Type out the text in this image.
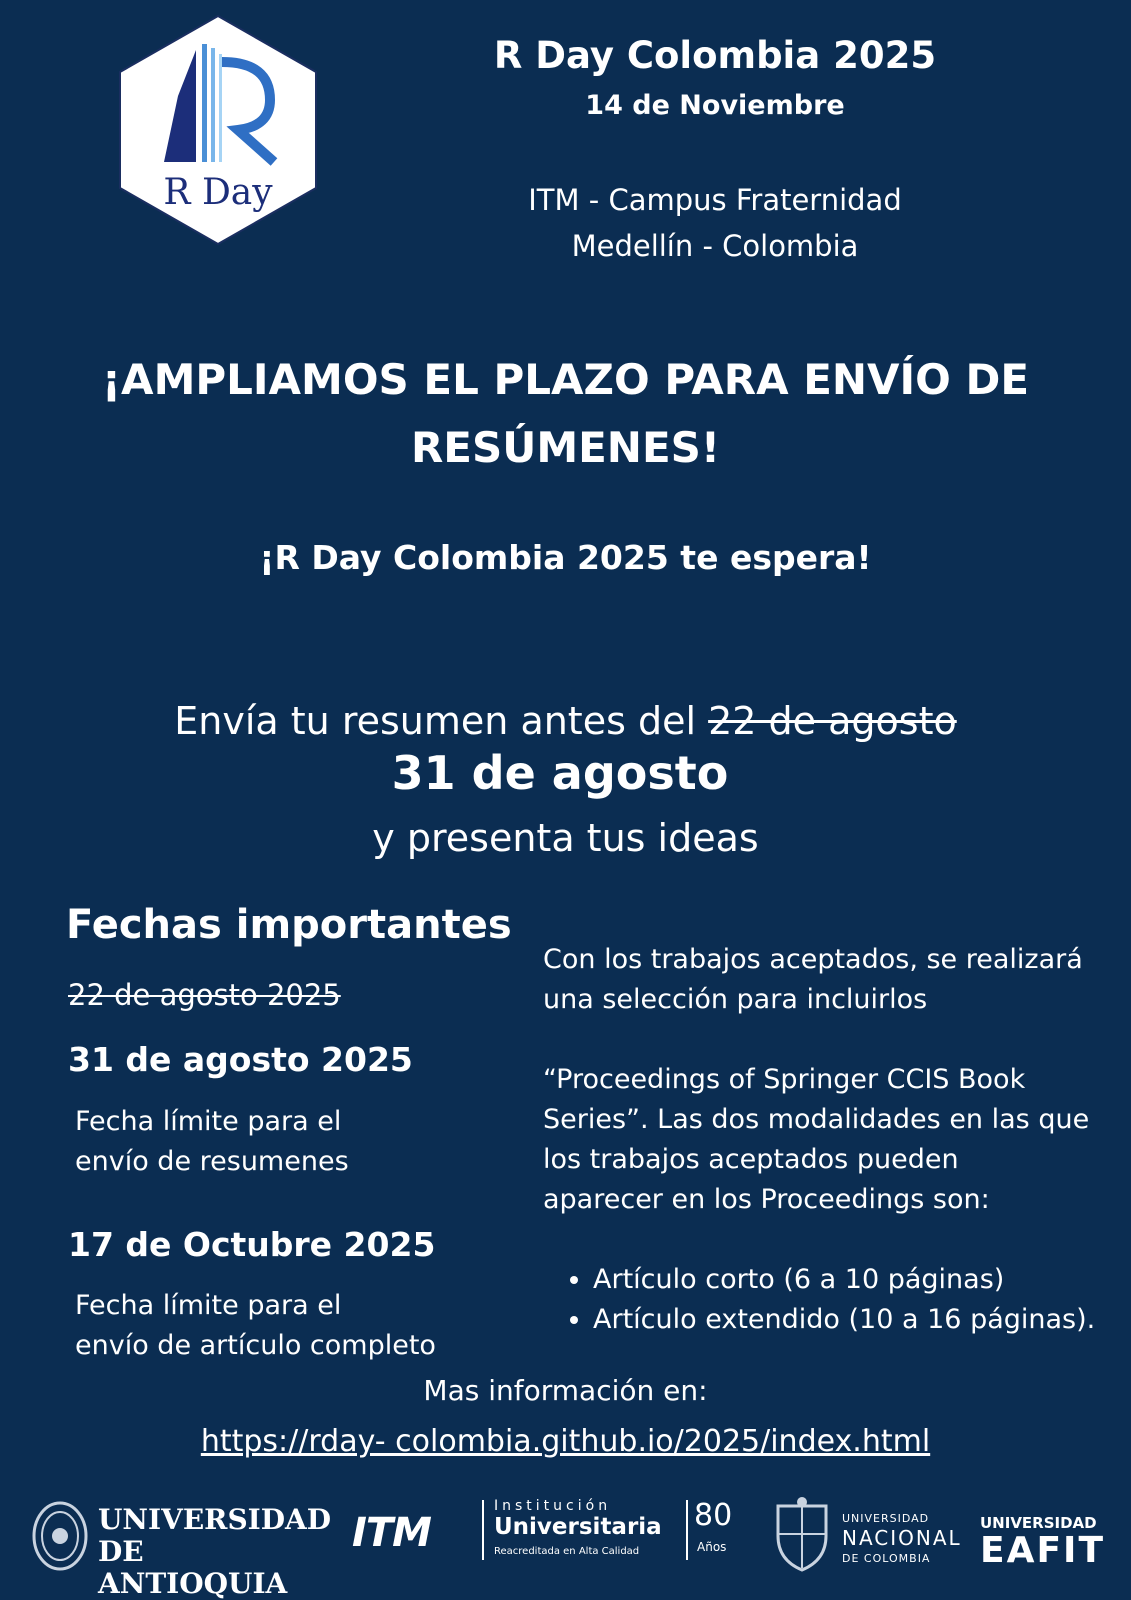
R Day
R Day Colombia 2025
14 de Noviembre
ITM - Campus Fraternidad
Medellín - Colombia
¡AMPLIAMOS EL PLAZO PARA ENVÍO DE
RESÚMENES!
¡R Day Colombia 2025 te espera!
Envía tu resumen antes del 22 de agosto
31 de agosto
y presenta tus ideas
Fechas importantes
22 de agosto 2025
31 de agosto 2025
Fecha límite para el
envío de resumenes
17 de Octubre 2025
Fecha límite para el
envío de artículo completo

Con los trabajos aceptados, se realizará
una selección para incluirlos

“Proceedings of Springer CCIS Book
Series”. Las dos modalidades en las que
los trabajos aceptados pueden
aparecer en los Proceedings son:

• Artículo corto (6 a 10 páginas)
• Artículo extendido (10 a 16 páginas).
Mas información en:
https://rday- colombia.github.io/2025/index.html
UNIVERSIDAD
DE ANTIOQUIA
ITM
Institución
Universitaria
Reacreditada en Alta Calidad
80
Años
UNIVERSIDAD
NACIONAL
DE COLOMBIA
UNIVERSIDAD
EAFIT
